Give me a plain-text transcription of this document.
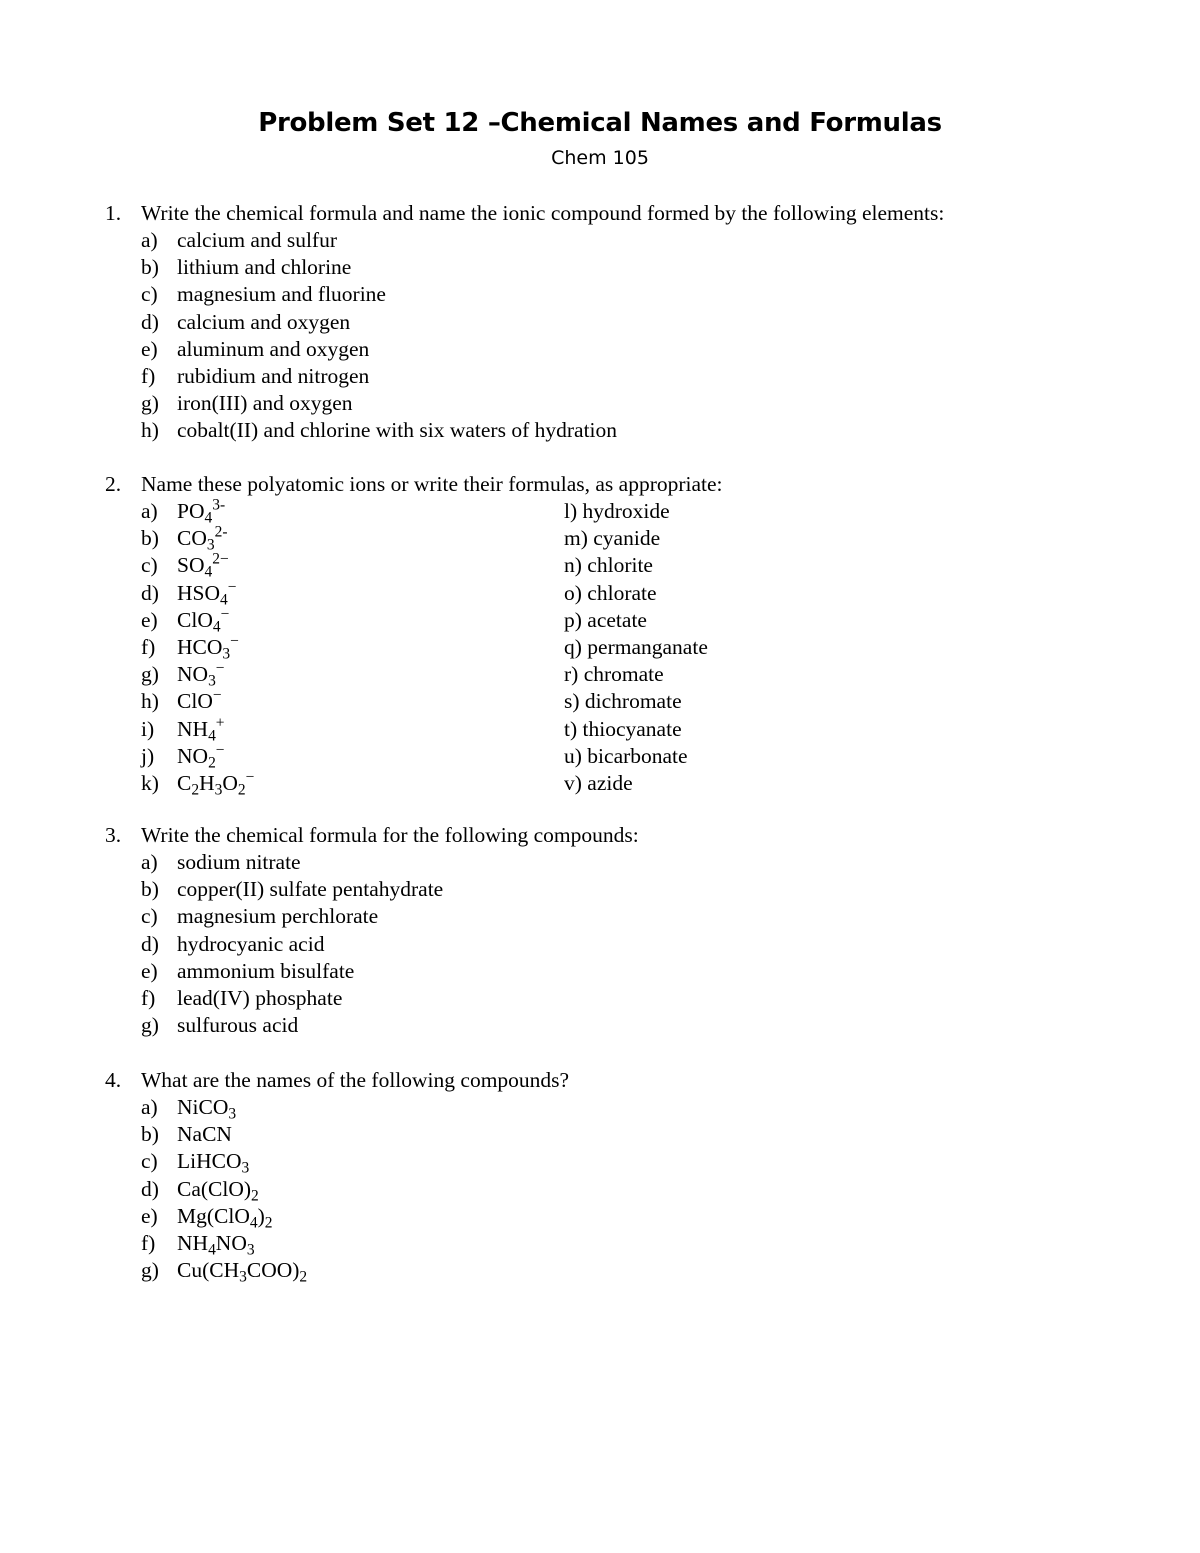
Problem Set 12 –Chemical Names and Formulas
Chem 105
1. Write the chemical formula and name the ionic compound formed by the following elements:
a) calcium and sulfur
b) lithium and chlorine
c) magnesium and fluorine
d) calcium and oxygen
e) aluminum and oxygen
f) rubidium and nitrogen
g) iron(III) and oxygen
h) cobalt(II) and chlorine with six waters of hydration
2. Name these polyatomic ions or write their formulas, as appropriate:
a) $PO_4^{3-}$	l) hydroxide
b) $CO_3^{2-}$	m) cyanide
c) $SO_4^{2-}$	n) chlorite
d) $HSO_4^-$	o) chlorate
e) ClO$_4$−	p) acetate
f) $HCO_3^-$	q) permanganate
g) $NO_3^-$	r) chromate
h) ClO−	s) dichromate
i) $NH_4^+$	t) thiocyanate
j) $NO_2^-$	u) bicarbonate
k) $C_2H_3O_2^-$	v) azide
3. Write the chemical formula for the following compounds:
a) sodium nitrate
b) copper(II) sulfate pentahydrate
c) magnesium perchlorate
d) hydrocyanic acid
e) ammonium bisulfate
f) lead(IV) phosphate
g) sulfurous acid
4. What are the names of the following compounds?
a) NiCO$_3$
b) NaCN
c) LiHCO$_3$
d) $Ca(ClO)_2$
e) $Mg(ClO_4)_2$
f) $NH_4NO_3$
g) $Cu(CH_3COO)_2$
